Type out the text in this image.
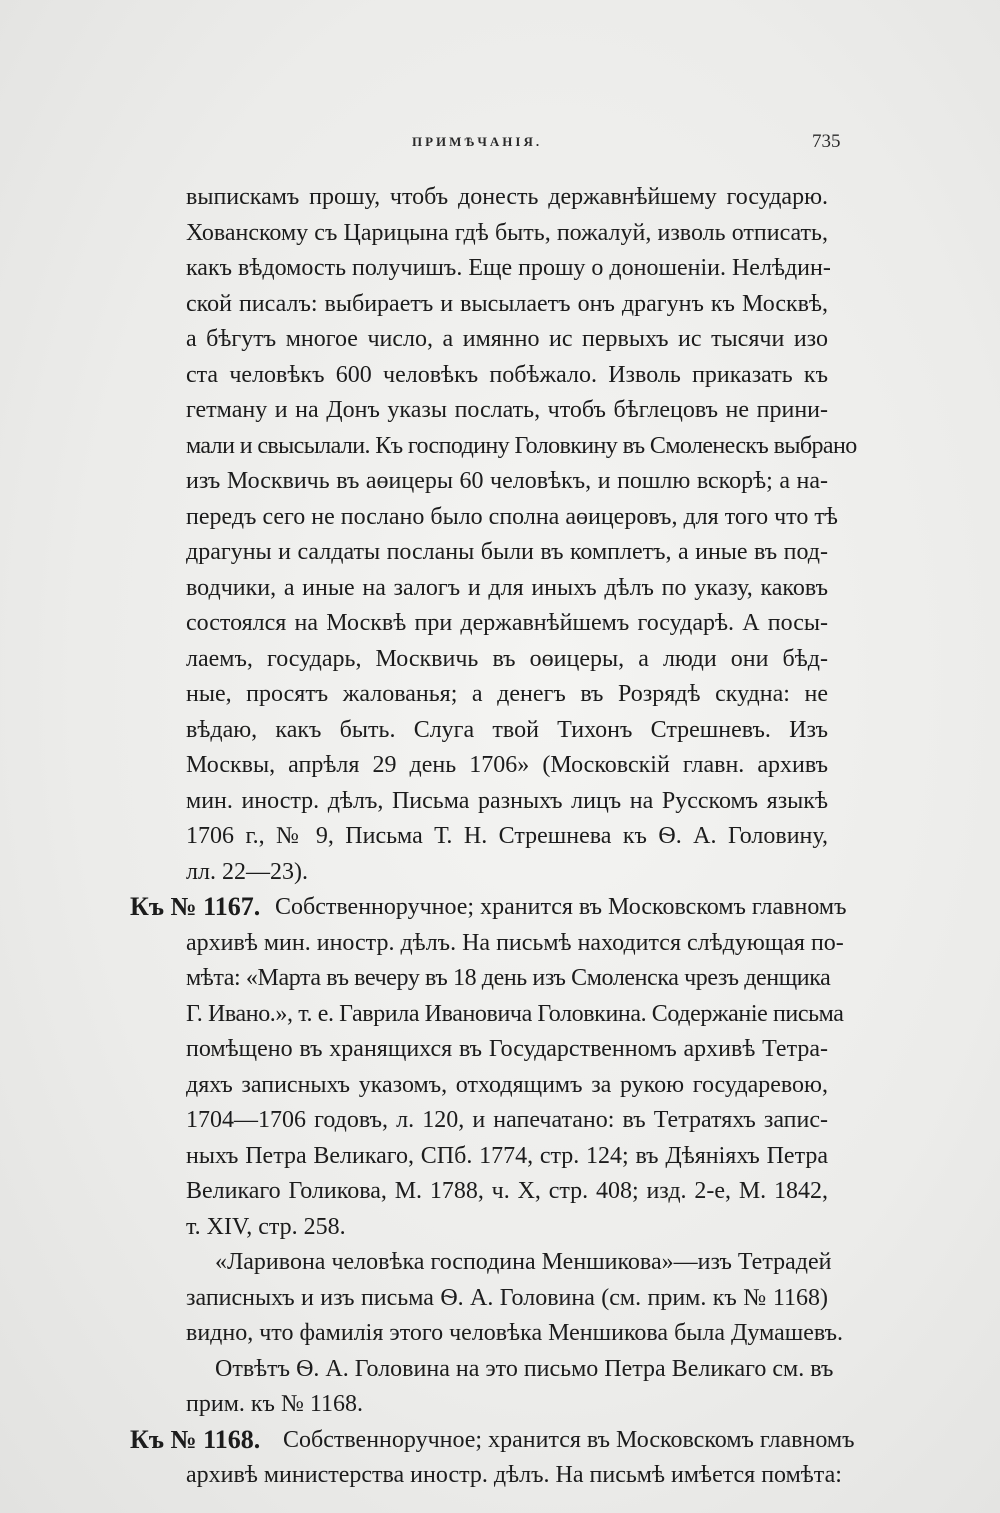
ПРИМѢЧАНІЯ.	735
выпискамъ прошу, чтобъ донесть державнѣйшему государю.
Хованскому съ Царицына гдѣ быть, пожалуй, изволь отписать,
какъ вѣдомость получишъ. Еще прошу о доношеніи. Нелѣдин-
ской писалъ: выбираетъ и высылаетъ онъ драгунъ къ Москвѣ,
а бѣгутъ многое число, а имянно ис первыхъ ис тысячи изо
ста человѣкъ 600 человѣкъ побѣжало. Изволь приказать къ
гетману и на Донъ указы послать, чтобъ бѣглецовъ не прини-
мали и свысылали. Къ господину Головкину въ Смоленескъ выбрано
изъ Москвичь въ аөицеры 60 человѣкъ, и пошлю вскорѣ; а на-
передъ сего не послано было сполна аөицеровъ, для того что тѣ
драгуны и салдаты посланы были въ комплетъ, а иные въ под-
водчики, а иные на залогъ и для иныхъ дѣлъ по указу, каковъ
состоялся на Москвѣ при державнѣйшемъ государѣ. А посы-
лаемъ, государь, Москвичь въ оөицеры, а люди они бѣд-
ные, просятъ жалованья; а денегъ въ Розрядѣ скудна: не
вѣдаю, какъ быть. Слуга твой Тихонъ Стрешневъ. Изъ
Москвы, апрѣля 29 день 1706» (Московскій главн. архивъ
мин. иностр. дѣлъ, Письма разныхъ лицъ на Русскомъ языкѣ
1706 г., № 9, Письма Т. Н. Стрешнева къ Ѳ. А. Головину,
лл. 22—23).
Къ № 1167. Собственноручное; хранится въ Московскомъ главномъ
архивѣ мин. иностр. дѣлъ. На письмѣ находится слѣдующая по-
мѣта: «Марта въ вечеру въ 18 день изъ Смоленска чрезъ денщика
Г. Ивано.», т. е. Гаврила Ивановича Головкина. Содержаніе письма
помѣщено въ хранящихся въ Государственномъ архивѣ Тетра-
дяхъ записныхъ указомъ, отходящимъ за рукою государевою,
1704—1706 годовъ, л. 120, и напечатано: въ Тетратяхъ запис-
ныхъ Петра Великаго, СПб. 1774, стр. 124; въ Дѣяніяхъ Петра
Великаго Голикова, М. 1788, ч. X, стр. 408; изд. 2-е, М. 1842,
т. XIV, стр. 258.
«Ларивона человѣка господина Меншикова»—изъ Тетрадей
записныхъ и изъ письма Ѳ. А. Головина (см. прим. къ № 1168)
видно, что фамилія этого человѣка Меншикова была Думашевъ.
Отвѣтъ Ѳ. А. Головина на это письмо Петра Великаго см. въ
прим. къ № 1168.
Къ № 1168. Собственноручное; хранится въ Московскомъ главномъ
архивѣ министерства иностр. дѣлъ. На письмѣ имѣется помѣта:
